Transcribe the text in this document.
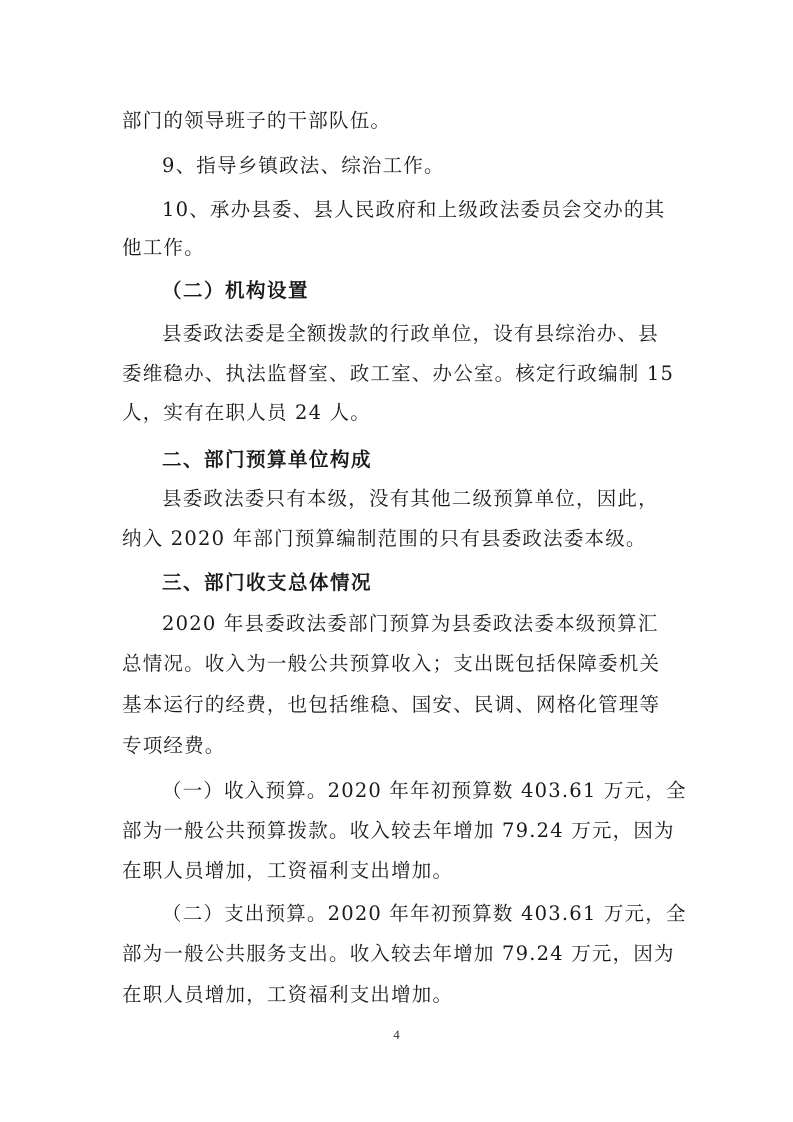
部门的领导班子的干部队伍。
9、指导乡镇政法、综治工作。
10、承办县委、县人民政府和上级政法委员会交办的其
他工作。
（二）机构设置
县委政法委是全额拨款的行政单位，设有县综治办、县
委维稳办、执法监督室、政工室、办公室。核定行政编制 15
人，实有在职人员 24 人。
二、部门预算单位构成
县委政法委只有本级，没有其他二级预算单位，因此，
纳入 2020 年部门预算编制范围的只有县委政法委本级。
三、部门收支总体情况
2020 年县委政法委部门预算为县委政法委本级预算汇
总情况。收入为一般公共预算收入；支出既包括保障委机关
基本运行的经费，也包括维稳、国安、民调、网格化管理等
专项经费。
（一）收入预算。2020 年年初预算数 403.61 万元，全
部为一般公共预算拨款。收入较去年增加 79.24 万元，因为
在职人员增加，工资福利支出增加。
（二）支出预算。2020 年年初预算数 403.61 万元，全
部为一般公共服务支出。收入较去年增加 79.24 万元，因为
在职人员增加，工资福利支出增加。
4
